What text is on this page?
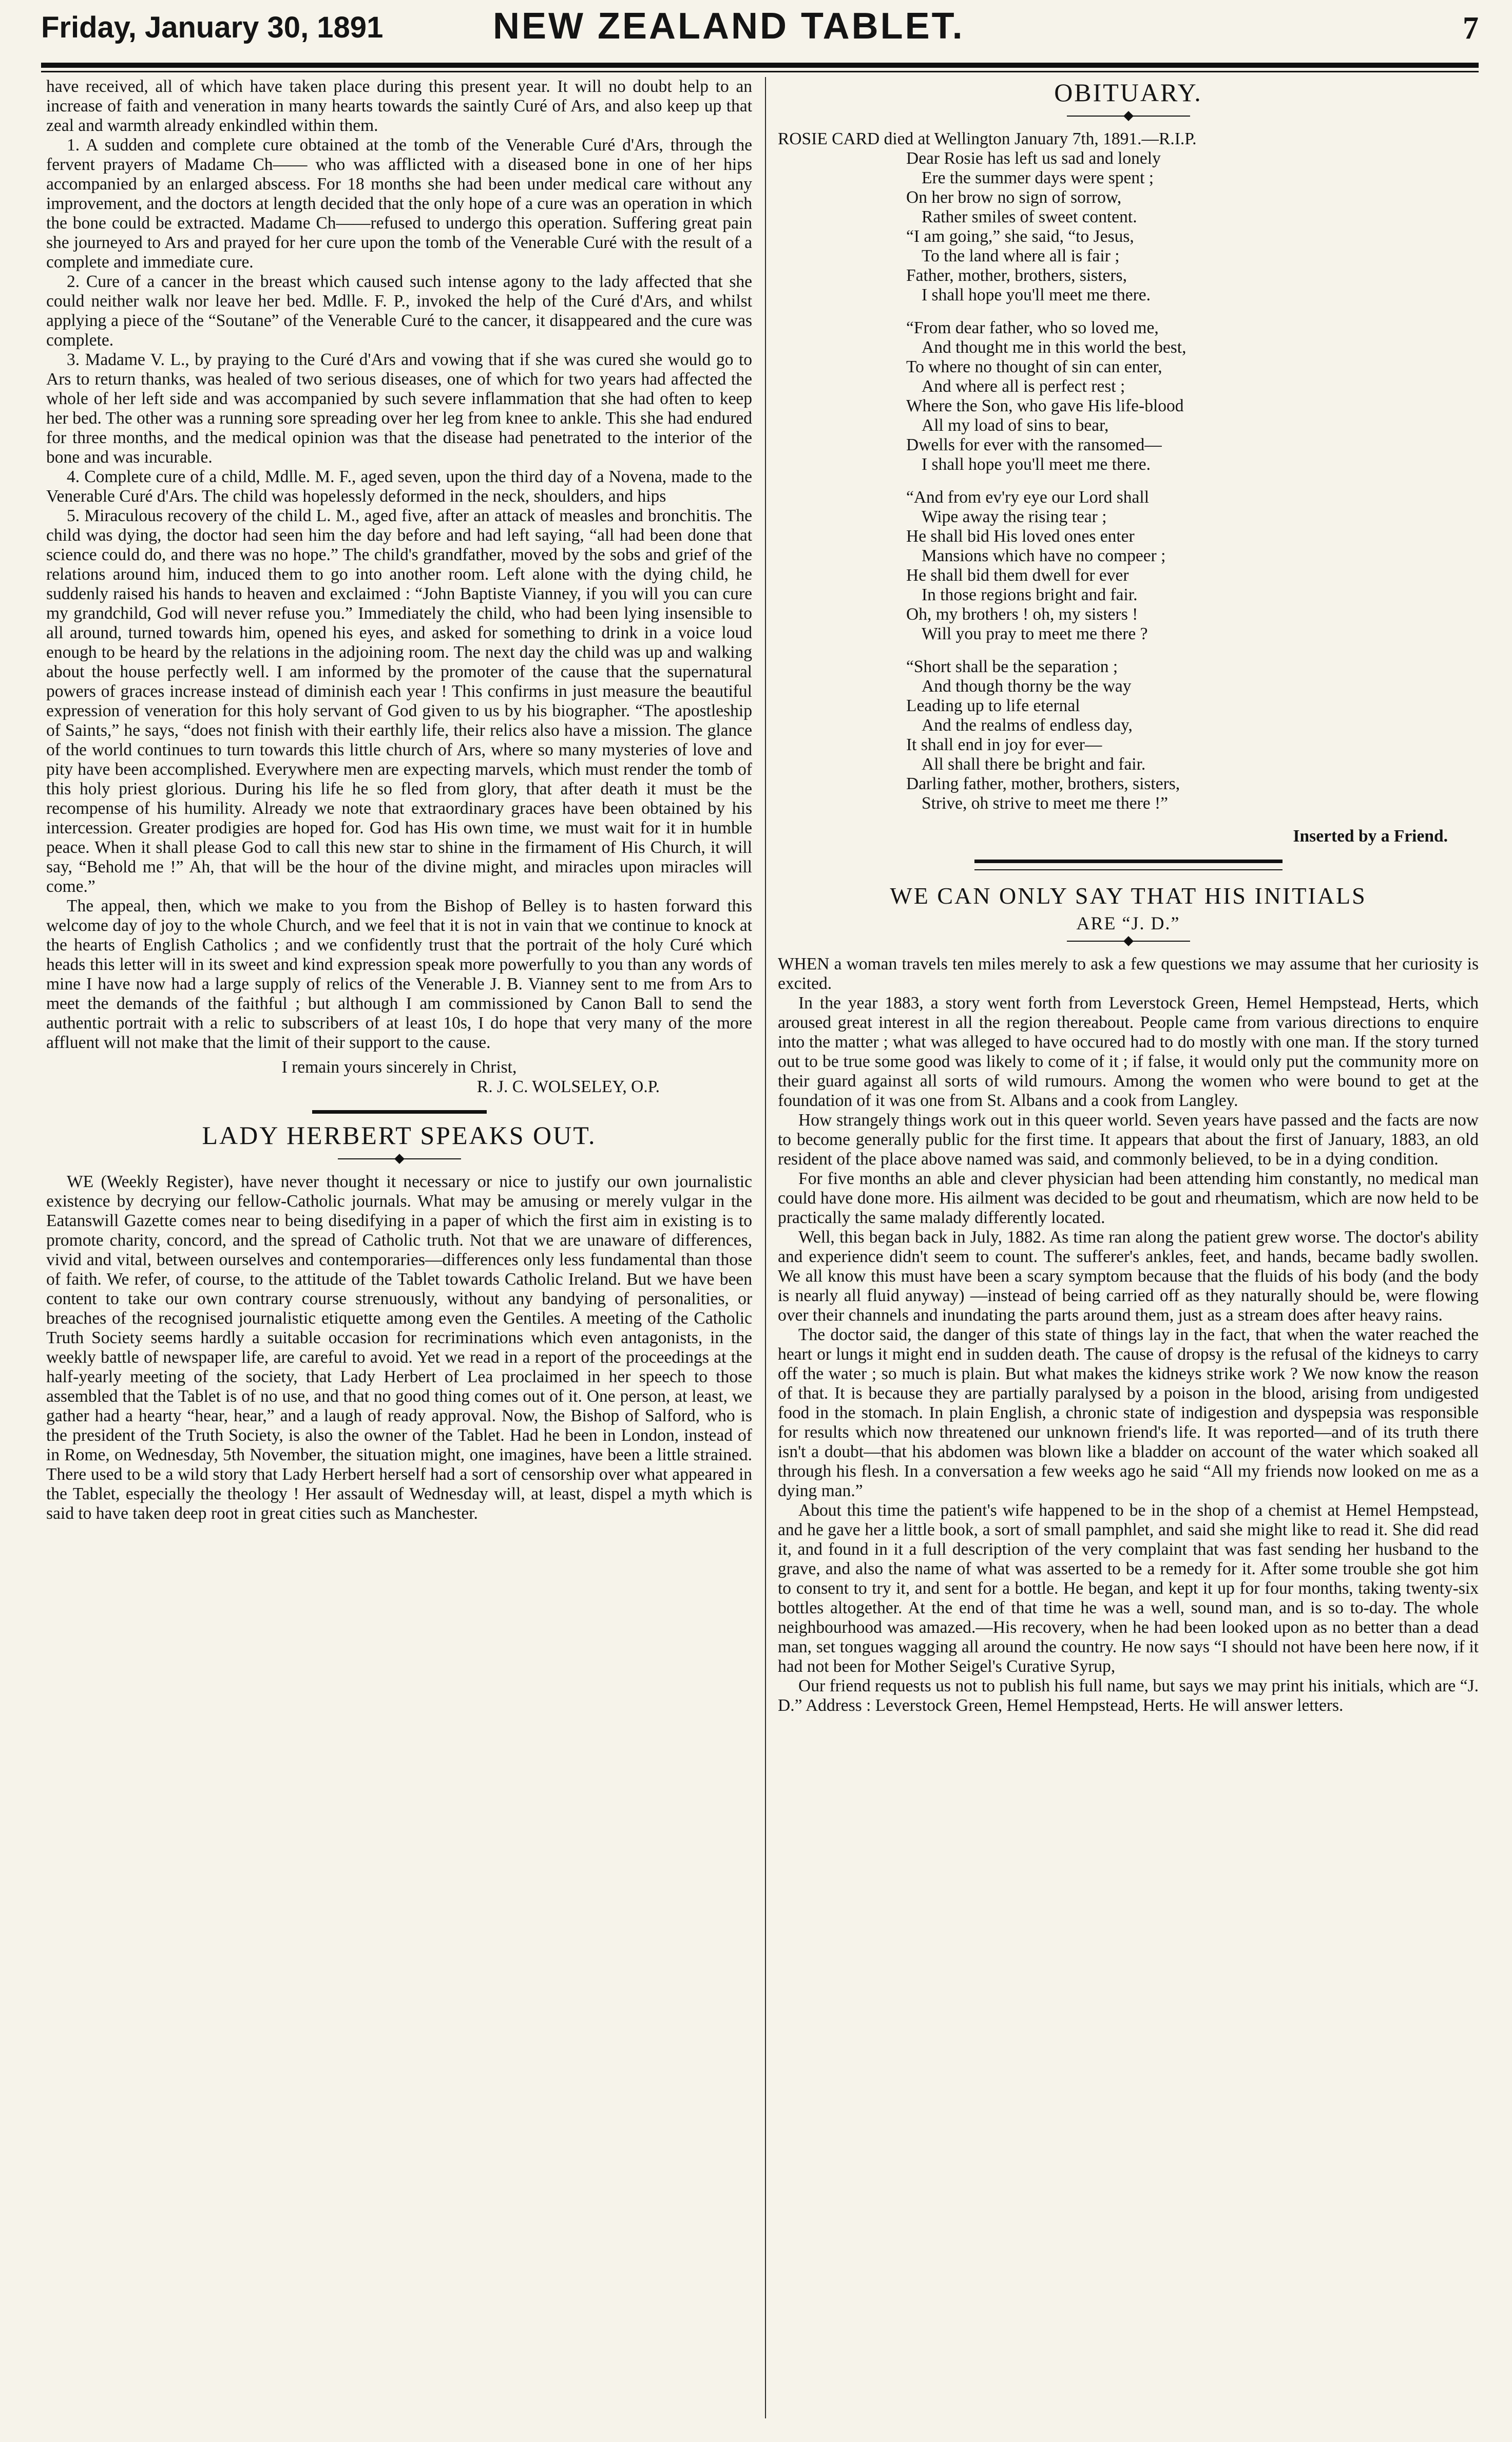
Friday, January 30, 1891	NEW ZEALAND TABLET.	7

have received, all of which have taken place during this present year. It will no doubt help to an increase of faith and veneration in many hearts towards the saintly Curé of Ars, and also keep up that zeal and warmth already enkindled within them.

1. A sudden and complete cure obtained at the tomb of the Venerable Curé d'Ars, through the fervent prayers of Madame Ch—— who was afflicted with a diseased bone in one of her hips accompanied by an enlarged abscess. For 18 months she had been under medical care without any improvement, and the doctors at length decided that the only hope of a cure was an operation in which the bone could be extracted. Madame Ch——refused to undergo this operation. Suffering great pain she journeyed to Ars and prayed for her cure upon the tomb of the Venerable Curé with the result of a complete and immediate cure.

2. Cure of a cancer in the breast which caused such intense agony to the lady affected that she could neither walk nor leave her bed. Mdlle. F. P., invoked the help of the Curé d'Ars, and whilst applying a piece of the “Soutane” of the Venerable Curé to the cancer, it disappeared and the cure was complete.

3. Madame V. L., by praying to the Curé d'Ars and vowing that if she was cured she would go to Ars to return thanks, was healed of two serious diseases, one of which for two years had affected the whole of her left side and was accompanied by such severe inflammation that she had often to keep her bed. The other was a running sore spreading over her leg from knee to ankle. This she had endured for three months, and the medical opinion was that the disease had penetrated to the interior of the bone and was incurable.

4. Complete cure of a child, Mdlle. M. F., aged seven, upon the third day of a Novena, made to the Venerable Curé d'Ars. The child was hopelessly deformed in the neck, shoulders, and hips

5. Miraculous recovery of the child L. M., aged five, after an attack of measles and bronchitis. The child was dying, the doctor had seen him the day before and had left saying, “all had been done that science could do, and there was no hope.” The child's grandfather, moved by the sobs and grief of the relations around him, induced them to go into another room. Left alone with the dying child, he suddenly raised his hands to heaven and exclaimed : “John Baptiste Vianney, if you will you can cure my grandchild, God will never refuse you.” Immediately the child, who had been lying insensible to all around, turned towards him, opened his eyes, and asked for something to drink in a voice loud enough to be heard by the relations in the adjoining room. The next day the child was up and walking about the house perfectly well. I am informed by the promoter of the cause that the supernatural powers of graces increase instead of diminish each year ! This confirms in just measure the beautiful expression of veneration for this holy servant of God given to us by his biographer. “The apostleship of Saints,” he says, “does not finish with their earthly life, their relics also have a mission. The glance of the world continues to turn towards this little church of Ars, where so many mysteries of love and pity have been accomplished. Everywhere men are expecting marvels, which must render the tomb of this holy priest glorious. During his life he so fled from glory, that after death it must be the recompense of his humility. Already we note that extraordinary graces have been obtained by his intercession. Greater prodigies are hoped for. God has His own time, we must wait for it in humble peace. When it shall please God to call this new star to shine in the firmament of His Church, it will say, “Behold me !” Ah, that will be the hour of the divine might, and miracles upon miracles will come.”

The appeal, then, which we make to you from the Bishop of Belley is to hasten forward this welcome day of joy to the whole Church, and we feel that it is not in vain that we continue to knock at the hearts of English Catholics ; and we confidently trust that the portrait of the holy Curé which heads this letter will in its sweet and kind expression speak more powerfully to you than any words of mine I have now had a large supply of relics of the Venerable J. B. Vianney sent to me from Ars to meet the demands of the faithful ; but although I am commissioned by Canon Ball to send the authentic portrait with a relic to subscribers of at least 10s, I do hope that very many of the more affluent will not make that the limit of their support to the cause.

I remain yours sincerely in Christ,

R. J. C. WOLSELEY, O.P.

LADY HERBERT SPEAKS OUT.

WE (Weekly Register), have never thought it necessary or nice to justify our own journalistic existence by decrying our fellow-Catholic journals. What may be amusing or merely vulgar in the Eatanswill Gazette comes near to being disedifying in a paper of which the first aim in existing is to promote charity, concord, and the spread of Catholic truth. Not that we are unaware of differences, vivid and vital, between ourselves and contemporaries—differences only less fundamental than those of faith. We refer, of course, to the attitude of the Tablet towards Catholic Ireland. But we have been content to take our own contrary course strenuously, without any bandying of personalities, or breaches of the recognised journalistic etiquette among even the Gentiles. A meeting of the Catholic Truth Society seems hardly a suitable occasion for recriminations which even antagonists, in the weekly battle of newspaper life, are careful to avoid. Yet we read in a report of the proceedings at the half-yearly meeting of the society, that Lady Herbert of Lea proclaimed in her speech to those assembled that the Tablet is of no use, and that no good thing comes out of it. One person, at least, we gather had a hearty “hear, hear,” and a laugh of ready approval. Now, the Bishop of Salford, who is the president of the Truth Society, is also the owner of the Tablet. Had he been in London, instead of in Rome, on Wednesday, 5th November, the situation might, one imagines, have been a little strained. There used to be a wild story that Lady Herbert herself had a sort of censorship over what appeared in the Tablet, especially the theology ! Her assault of Wednesday will, at least, dispel a myth which is said to have taken deep root in great cities such as Manchester.

OBITUARY.

ROSIE CARD died at Wellington January 7th, 1891.—R.I.P.

Dear Rosie has left us sad and lonely
Ere the summer days were spent ;
On her brow no sign of sorrow,
Rather smiles of sweet content.
“I am going,” she said, “to Jesus,
To the land where all is fair ;
Father, mother, brothers, sisters,
I shall hope you'll meet me there.
“From dear father, who so loved me,
And thought me in this world the best,
To where no thought of sin can enter,
And where all is perfect rest ;
Where the Son, who gave His life-blood
All my load of sins to bear,
Dwells for ever with the ransomed—
I shall hope you'll meet me there.
“And from ev'ry eye our Lord shall
Wipe away the rising tear ;
He shall bid His loved ones enter
Mansions which have no compeer ;
He shall bid them dwell for ever
In those regions bright and fair.
Oh, my brothers ! oh, my sisters !
Will you pray to meet me there ?
“Short shall be the separation ;
And though thorny be the way
Leading up to life eternal
And the realms of endless day,
It shall end in joy for ever—
All shall there be bright and fair.
Darling father, mother, brothers, sisters,
Strive, oh strive to meet me there !”

Inserted by a Friend.

WE CAN ONLY SAY THAT HIS INITIALS
ARE “J. D.”

WHEN a woman travels ten miles merely to ask a few questions we may assume that her curiosity is excited.

In the year 1883, a story went forth from Leverstock Green, Hemel Hempstead, Herts, which aroused great interest in all the region thereabout. People came from various directions to enquire into the matter ; what was alleged to have occured had to do mostly with one man. If the story turned out to be true some good was likely to come of it ; if false, it would only put the community more on their guard against all sorts of wild rumours. Among the women who were bound to get at the foundation of it was one from St. Albans and a cook from Langley.

How strangely things work out in this queer world. Seven years have passed and the facts are now to become generally public for the first time. It appears that about the first of January, 1883, an old resident of the place above named was said, and commonly believed, to be in a dying condition.

For five months an able and clever physician had been attending him constantly, no medical man could have done more. His ailment was decided to be gout and rheumatism, which are now held to be practically the same malady differently located.

Well, this began back in July, 1882. As time ran along the patient grew worse. The doctor's ability and experience didn't seem to count. The sufferer's ankles, feet, and hands, became badly swollen. We all know this must have been a scary symptom because that the fluids of his body (and the body is nearly all fluid anyway) —instead of being carried off as they naturally should be, were flowing over their channels and inundating the parts around them, just as a stream does after heavy rains.

The doctor said, the danger of this state of things lay in the fact, that when the water reached the heart or lungs it might end in sudden death. The cause of dropsy is the refusal of the kidneys to carry off the water ; so much is plain. But what makes the kidneys strike work ? We now know the reason of that. It is because they are partially paralysed by a poison in the blood, arising from undigested food in the stomach. In plain English, a chronic state of indigestion and dyspepsia was responsible for results which now threatened our unknown friend's life. It was reported—and of its truth there isn't a doubt—that his abdomen was blown like a bladder on account of the water which soaked all through his flesh. In a conversation a few weeks ago he said “All my friends now looked on me as a dying man.”

About this time the patient's wife happened to be in the shop of a chemist at Hemel Hempstead, and he gave her a little book, a sort of small pamphlet, and said she might like to read it. She did read it, and found in it a full description of the very complaint that was fast sending her husband to the grave, and also the name of what was asserted to be a remedy for it. After some trouble she got him to consent to try it, and sent for a bottle. He began, and kept it up for four months, taking twenty-six bottles altogether. At the end of that time he was a well, sound man, and is so to-day. The whole neighbourhood was amazed.—His recovery, when he had been looked upon as no better than a dead man, set tongues wagging all around the country. He now says “I should not have been here now, if it had not been for Mother Seigel's Curative Syrup,

Our friend requests us not to publish his full name, but says we may print his initials, which are “J. D.” Address : Leverstock Green, Hemel Hempstead, Herts. He will answer letters.
